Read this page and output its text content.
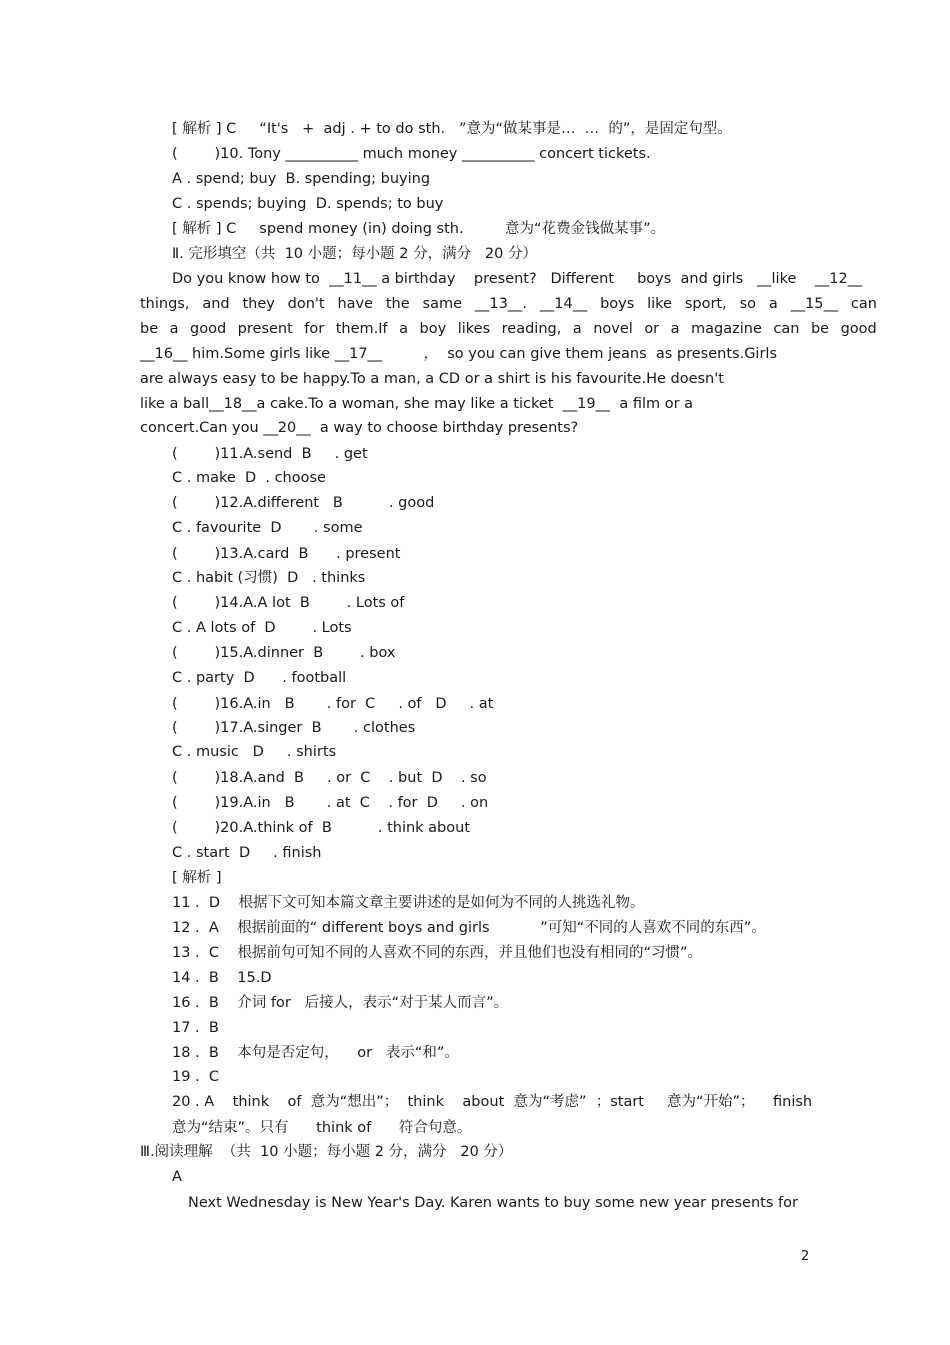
[ 解析 ] C     “It's   +  adj . + to do sth.   ”意为“做某事是…  …  的”，是固定句型。
(        )10. Tony __________ much money __________ concert tickets.
A . spend; buy  B. spending; buying
C . spends; buying  D. spends; to buy
[ 解析 ] C     spend money (in) doing sth.         意为“花费金钱做某事”。
Ⅱ. 完形填空（共  10 小题；每小题 2 分，满分   20 分）
Do you know how to  __11__ a birthday    present?   Different     boys  and girls   __like    __12__
things, and they don't have the same __13__. __14__ boys like sport, so a __15__ can
be a good present for them.If a boy likes reading, a novel or a magazine can be good
__16__ him.Some girls like __17__         ，  so you can give them jeans  as presents.Girls
are always easy to be happy.To a man, a CD or a shirt is his favourite.He doesn't
like a ball__18__a cake.To a woman, she may like a ticket  __19__  a film or a
concert.Can you __20__  a way to choose birthday presents?
(        )11.A.send  B     . get
C . make  D  . choose
(        )12.A.different   B          . good
C . favourite  D       . some
(        )13.A.card  B      . present
C . habit (习惯)  D   . thinks
(        )14.A.A lot  B        . Lots of
C . A lots of  D        . Lots
(        )15.A.dinner  B        . box
C . party  D      . football
(        )16.A.in   B       . for  C     . of   D     . at
(        )17.A.singer  B       . clothes
C . music   D     . shirts
(        )18.A.and  B     . or  C    . but  D    . so
(        )19.A.in   B       . at  C    . for  D     . on
(        )20.A.think of  B          . think about
C . start  D     . finish
[ 解析 ]
11 .  D    根据下文可知本篇文章主要讲述的是如何为不同的人挑选礼物。
12 .  A    根据前面的“ different boys and girls           ”可知“不同的人喜欢不同的东西”。
13 .  C    根据前句可知不同的人喜欢不同的东西，并且他们也没有相同的“习惯”。
14 .  B    15.D
16 .  B    介词 for   后接人，表示“对于某人而言”。
17 .  B
18 .  B    本句是否定句，    or   表示“和”。
19 .  C
20 . A    think    of  意为“想出”；  think    about  意为“考虑”  ；start     意为“开始”；    finish
意为“结束”。只有      think of      符合句意。
Ⅲ.阅读理解  （共  10 小题；每小题 2 分，满分   20 分）
A
Next Wednesday is New Year's Day. Karen wants to buy some new year presents for
2
